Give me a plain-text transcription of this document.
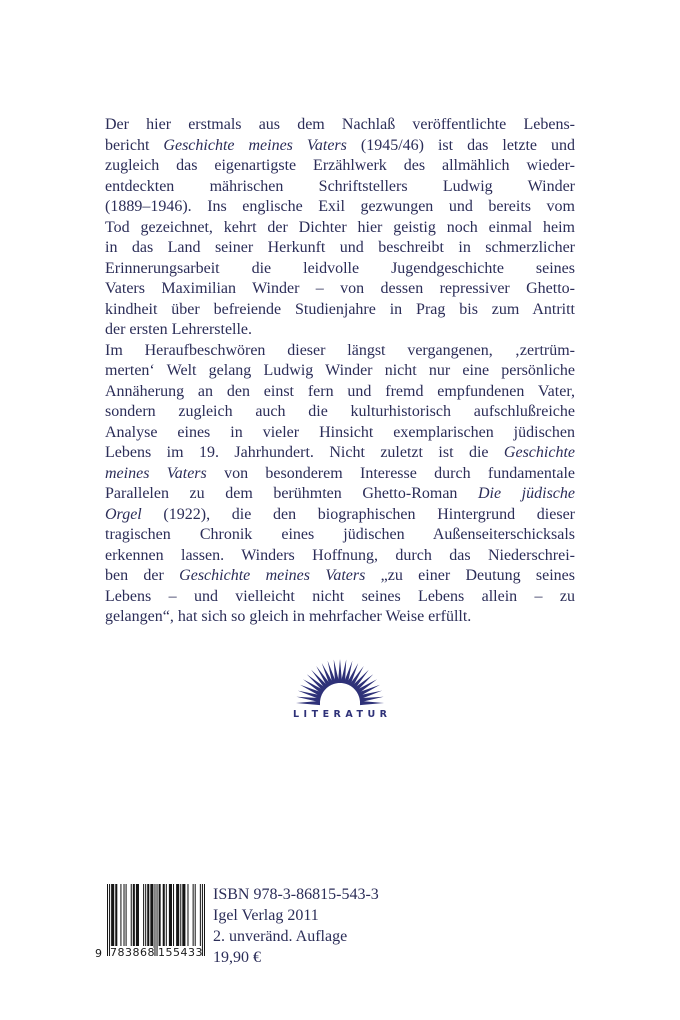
Der hier erstmals aus dem Nachlaß veröffentlichte Lebens-
bericht Geschichte meines Vaters (1945/46) ist das letzte und
zugleich das eigenartigste Erzählwerk des allmählich wieder-
entdeckten mährischen Schriftstellers Ludwig Winder
(1889–1946). Ins englische Exil gezwungen und bereits vom
Tod gezeichnet, kehrt der Dichter hier geistig noch einmal heim
in das Land seiner Herkunft und beschreibt in schmerzlicher
Erinnerungsarbeit die leidvolle Jugendgeschichte seines
Vaters Maximilian Winder – von dessen repressiver Ghetto-
kindheit über befreiende Studienjahre in Prag bis zum Antritt
der ersten Lehrerstelle.
Im Heraufbeschwören dieser längst vergangenen, ‚zertrüm-
merten‘ Welt gelang Ludwig Winder nicht nur eine persönliche
Annäherung an den einst fern und fremd empfundenen Vater,
sondern zugleich auch die kulturhistorisch aufschlußreiche
Analyse eines in vieler Hinsicht exemplarischen jüdischen
Lebens im 19. Jahrhundert. Nicht zuletzt ist die Geschichte
meines Vaters von besonderem Interesse durch fundamentale
Parallelen zu dem berühmten Ghetto-Roman Die jüdische
Orgel (1922), die den biographischen Hintergrund dieser
tragischen Chronik eines jüdischen Außenseiterschicksals
erkennen lassen. Winders Hoffnung, durch das Niederschrei-
ben der Geschichte meines Vaters „zu einer Deutung seines
Lebens – und vielleicht nicht seines Lebens allein – zu
gelangen“, hat sich so gleich in mehrfacher Weise erfüllt.
LITERATUR
9 783868 155433
ISBN 978-3-86815-543-3
Igel Verlag 2011
2. unveränd. Auflage
19,90 €
